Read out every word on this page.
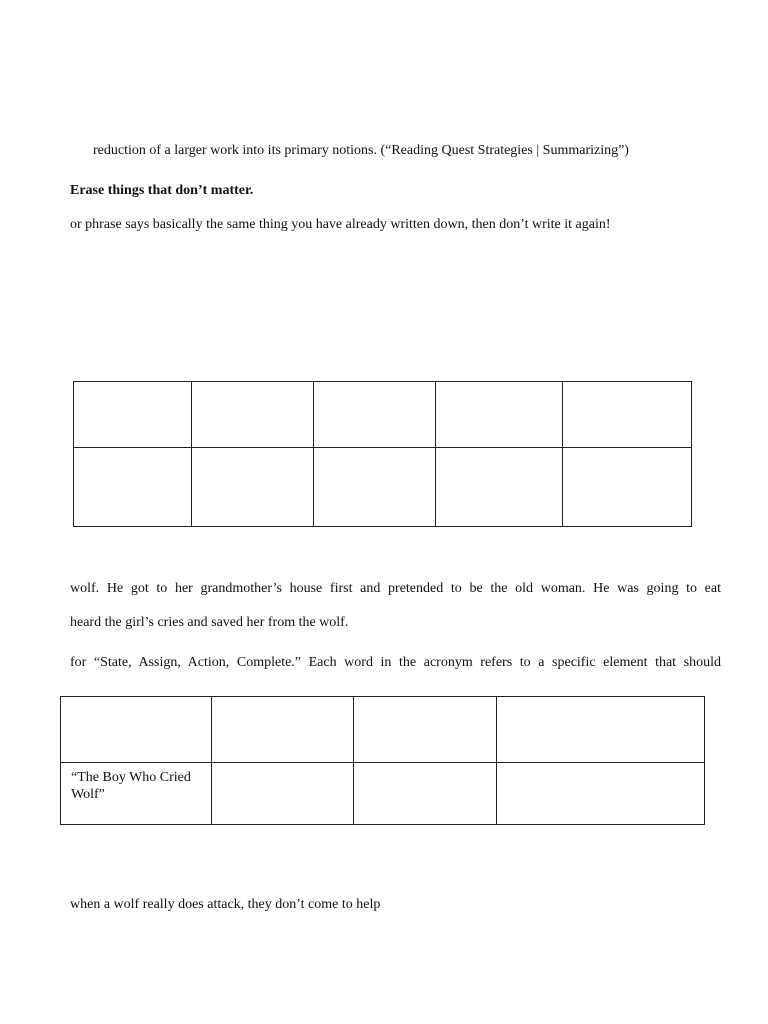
reduction of a larger work into its primary notions. (“Reading Quest Strategies | Summarizing”)
Erase things that don’t matter.
or phrase says basically the same thing you have already written down, then don’t write it again!

wolf. He got to her grandmother’s house first and pretended to be the old woman. He was going to eat
heard the girl’s cries and saved her from the wolf.
for “State, Assign, Action, Complete.” Each word in the acronym refers to a specific element that should

“The Boy Who Cried Wolf”			

when a wolf really does attack, they don’t come to help
